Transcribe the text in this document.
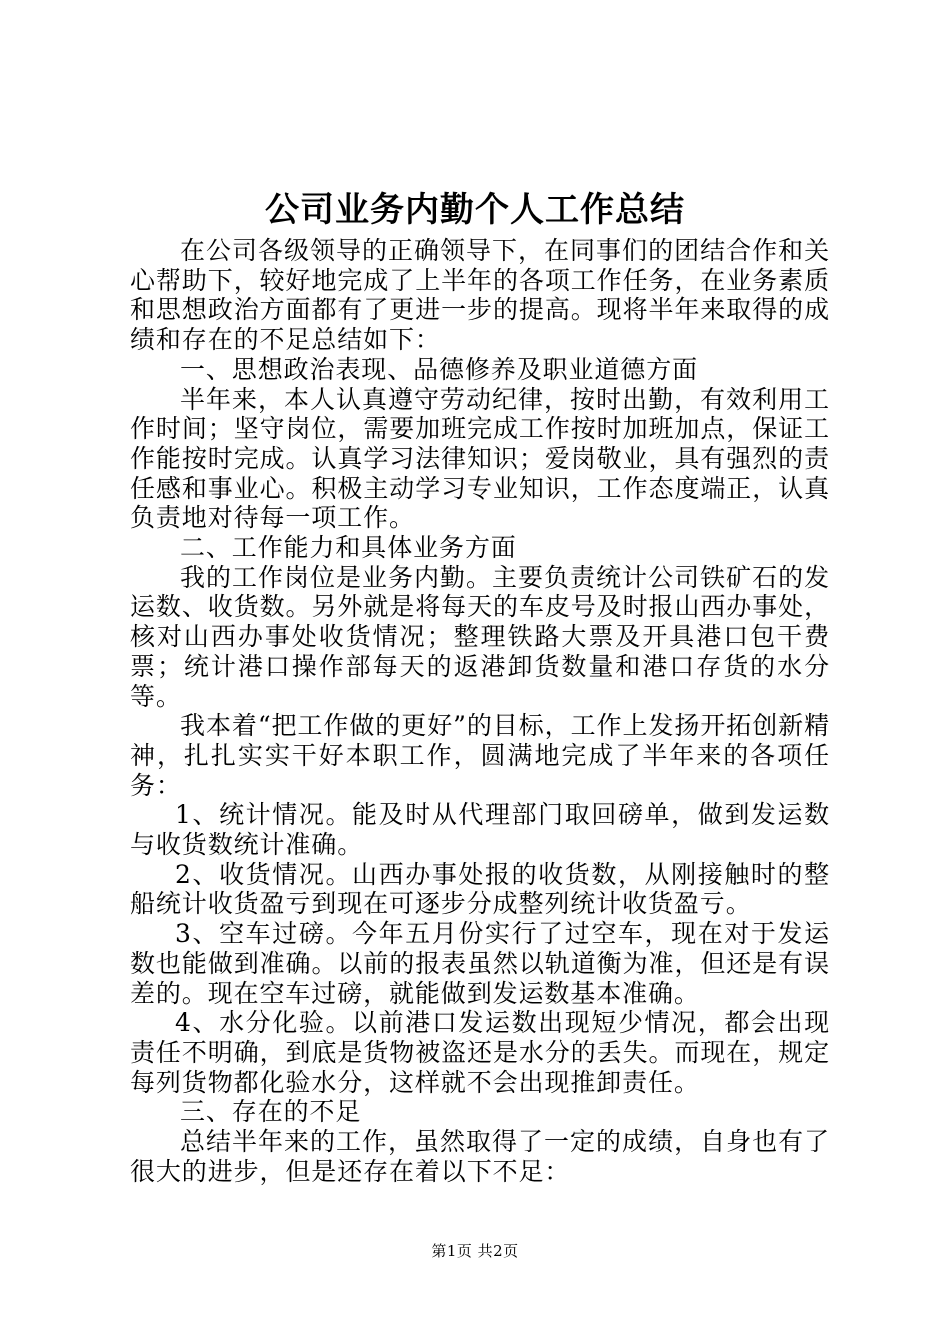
公司业务内勤个人工作总结

在公司各级领导的正确领导下，在同事们的团结合作和关心帮助下，较好地完成了上半年的各项工作任务，在业务素质和思想政治方面都有了更进一步的提高。现将半年来取得的成绩和存在的不足总结如下：

一、思想政治表现、品德修养及职业道德方面

半年来，本人认真遵守劳动纪律，按时出勤，有效利用工作时间；坚守岗位，需要加班完成工作按时加班加点，保证工作能按时完成。认真学习法律知识；爱岗敬业，具有强烈的责任感和事业心。积极主动学习专业知识，工作态度端正，认真负责地对待每一项工作。

二、工作能力和具体业务方面

我的工作岗位是业务内勤。主要负责统计公司铁矿石的发运数、收货数。另外就是将每天的车皮号及时报山西办事处，核对山西办事处收货情况；整理铁路大票及开具港口包干费票；统计港口操作部每天的返港卸货数量和港口存货的水分等。

我本着“把工作做的更好”的目标，工作上发扬开拓创新精神，扎扎实实干好本职工作，圆满地完成了半年来的各项任务：

1、统计情况。能及时从代理部门取回磅单，做到发运数与收货数统计准确。

2、收货情况。山西办事处报的收货数，从刚接触时的整船统计收货盈亏到现在可逐步分成整列统计收货盈亏。

3、空车过磅。今年五月份实行了过空车，现在对于发运数也能做到准确。以前的报表虽然以轨道衡为准，但还是有误差的。现在空车过磅，就能做到发运数基本准确。

4、水分化验。以前港口发运数出现短少情况，都会出现责任不明确，到底是货物被盗还是水分的丢失。而现在，规定每列货物都化验水分，这样就不会出现推卸责任。

三、存在的不足

总结半年来的工作，虽然取得了一定的成绩，自身也有了很大的进步，但是还存在着以下不足：

第1页 共2页
